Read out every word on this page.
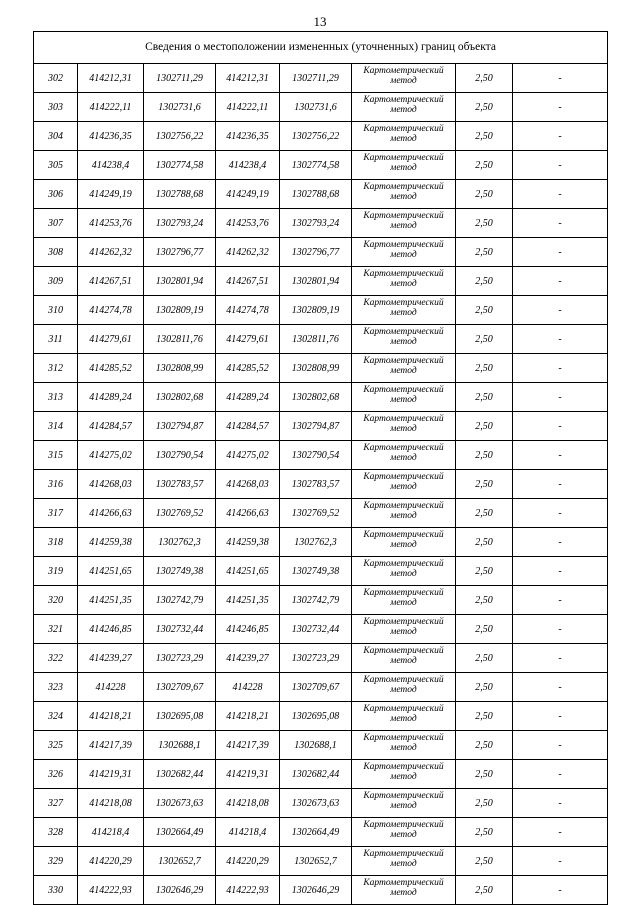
13
Сведения о местоположении измененных (уточненных) границ объекта							
302	414212,31	1302711,29	414212,31	1302711,29	Картометрический метод	2,50	-
303	414222,11	1302731,6	414222,11	1302731,6	Картометрический метод	2,50	-
304	414236,35	1302756,22	414236,35	1302756,22	Картометрический метод	2,50	-
305	414238,4	1302774,58	414238,4	1302774,58	Картометрический метод	2,50	-
306	414249,19	1302788,68	414249,19	1302788,68	Картометрический метод	2,50	-
307	414253,76	1302793,24	414253,76	1302793,24	Картометрический метод	2,50	-
308	414262,32	1302796,77	414262,32	1302796,77	Картометрический метод	2,50	-
309	414267,51	1302801,94	414267,51	1302801,94	Картометрический метод	2,50	-
310	414274,78	1302809,19	414274,78	1302809,19	Картометрический метод	2,50	-
311	414279,61	1302811,76	414279,61	1302811,76	Картометрический метод	2,50	-
312	414285,52	1302808,99	414285,52	1302808,99	Картометрический метод	2,50	-
313	414289,24	1302802,68	414289,24	1302802,68	Картометрический метод	2,50	-
314	414284,57	1302794,87	414284,57	1302794,87	Картометрический метод	2,50	-
315	414275,02	1302790,54	414275,02	1302790,54	Картометрический метод	2,50	-
316	414268,03	1302783,57	414268,03	1302783,57	Картометрический метод	2,50	-
317	414266,63	1302769,52	414266,63	1302769,52	Картометрический метод	2,50	-
318	414259,38	1302762,3	414259,38	1302762,3	Картометрический метод	2,50	-
319	414251,65	1302749,38	414251,65	1302749,38	Картометрический метод	2,50	-
320	414251,35	1302742,79	414251,35	1302742,79	Картометрический метод	2,50	-
321	414246,85	1302732,44	414246,85	1302732,44	Картометрический метод	2,50	-
322	414239,27	1302723,29	414239,27	1302723,29	Картометрический метод	2,50	-
323	414228	1302709,67	414228	1302709,67	Картометрический метод	2,50	-
324	414218,21	1302695,08	414218,21	1302695,08	Картометрический метод	2,50	-
325	414217,39	1302688,1	414217,39	1302688,1	Картометрический метод	2,50	-
326	414219,31	1302682,44	414219,31	1302682,44	Картометрический метод	2,50	-
327	414218,08	1302673,63	414218,08	1302673,63	Картометрический метод	2,50	-
328	414218,4	1302664,49	414218,4	1302664,49	Картометрический метод	2,50	-
329	414220,29	1302652,7	414220,29	1302652,7	Картометрический метод	2,50	-
330	414222,93	1302646,29	414222,93	1302646,29	Картометрический метод	2,50	-
